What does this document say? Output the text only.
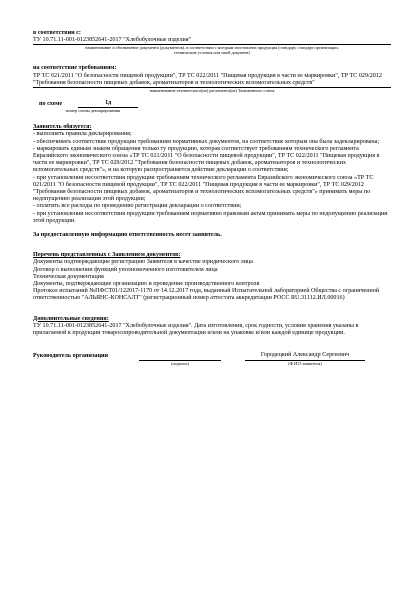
в соответствии с:
ТУ 10.71.11-001-0123852641-2017 "Хлебобулочные изделия"
наименование и обозначение документа (документов), в соответствии с которым изготовлена продукция (стандарт, стандарт организации,
технические условия или иной документ)
на соответствие требованиям:
ТР ТС 021/2011 "О безопасности пищевой продукции", ТР ТС 022/2011 "Пищевая продукция в части ее маркировки", ТР ТС 029/2012 "Требования безопасности пищевых добавок, ароматизаторов и технологических вспомогательных средств"
наименование технического(их) регламента(ов) Таможенного союза
по схеме	1д
номер схемы декларирования
Заявитель обязуется:
- выполнять правила декларирования;
- обеспечивать соответствие продукции требованиям нормативных документов, на соответствие которым она была задекларирована;
- маркировать единым знаком обращения только ту продукцию, которая соответствует требованиям технического регламента Евразийского экономического союза «ТР ТС 021/2011 "О безопасности пищевой продукции", ТР ТС 022/2011 "Пищевая продукция в части ее маркировки", ТР ТС 029/2012 "Требования безопасности пищевых добавок, ароматизаторов и технологических вспомогательных средств"», и на которую распространяется действие декларации о соответствии;
- при установлении несоответствия продукции требованиям технического регламента Евразийского экономического союза «ТР ТС 021/2011 "О безопасности пищевой продукции", ТР ТС 022/2011 "Пищевая продукция в части ее маркировки", ТР ТС 029/2012 "Требования безопасности пищевых добавок, ароматизаторов и технологических вспомогательных средств"» принимать меры по недопущению реализации этой продукции;
- оплатить все расходы по проведению регистрации декларации о соответствии;
- при установлении несоответствия продукции требованиям нормативно правовым актам принимать меры по недопущению реализации этой продукции.
За предоставленную информацию ответственность несет заявитель.
Перечень представленных с Заявлением документов:
Документы подтверждающие регистрацию Заявителя в качестве юридического лица
Договор о выполнении функций уполномоченного изготовителем лица
Техническая документация
Документы, подтверждающие организацию и проведение производственного контроля
Протокол испытаний №ПФСТ01/122017-1170 от 14.12.2017 года, выданный Испытательной лабораторией Общества с ограниченной ответственностью "АЛЬЯНС-КОНСАЛТ" (регистрационный номер аттестата аккредитации РОСС RU.31112.ИЛ.00016)
Дополнительные сведения:
ТУ 10.71.11-001-0123852641-2017 "Хлебобулочные изделия". Дата изготовления, срок годности, условия хранения указаны в прилагаемой к продукции товаросопроводительной документации и/или на упаковке и/или каждой единице продукции.
Руководитель организации	Городецкий Александр Сергеевич
(подпись)	(Ф.И.О заявителя)
